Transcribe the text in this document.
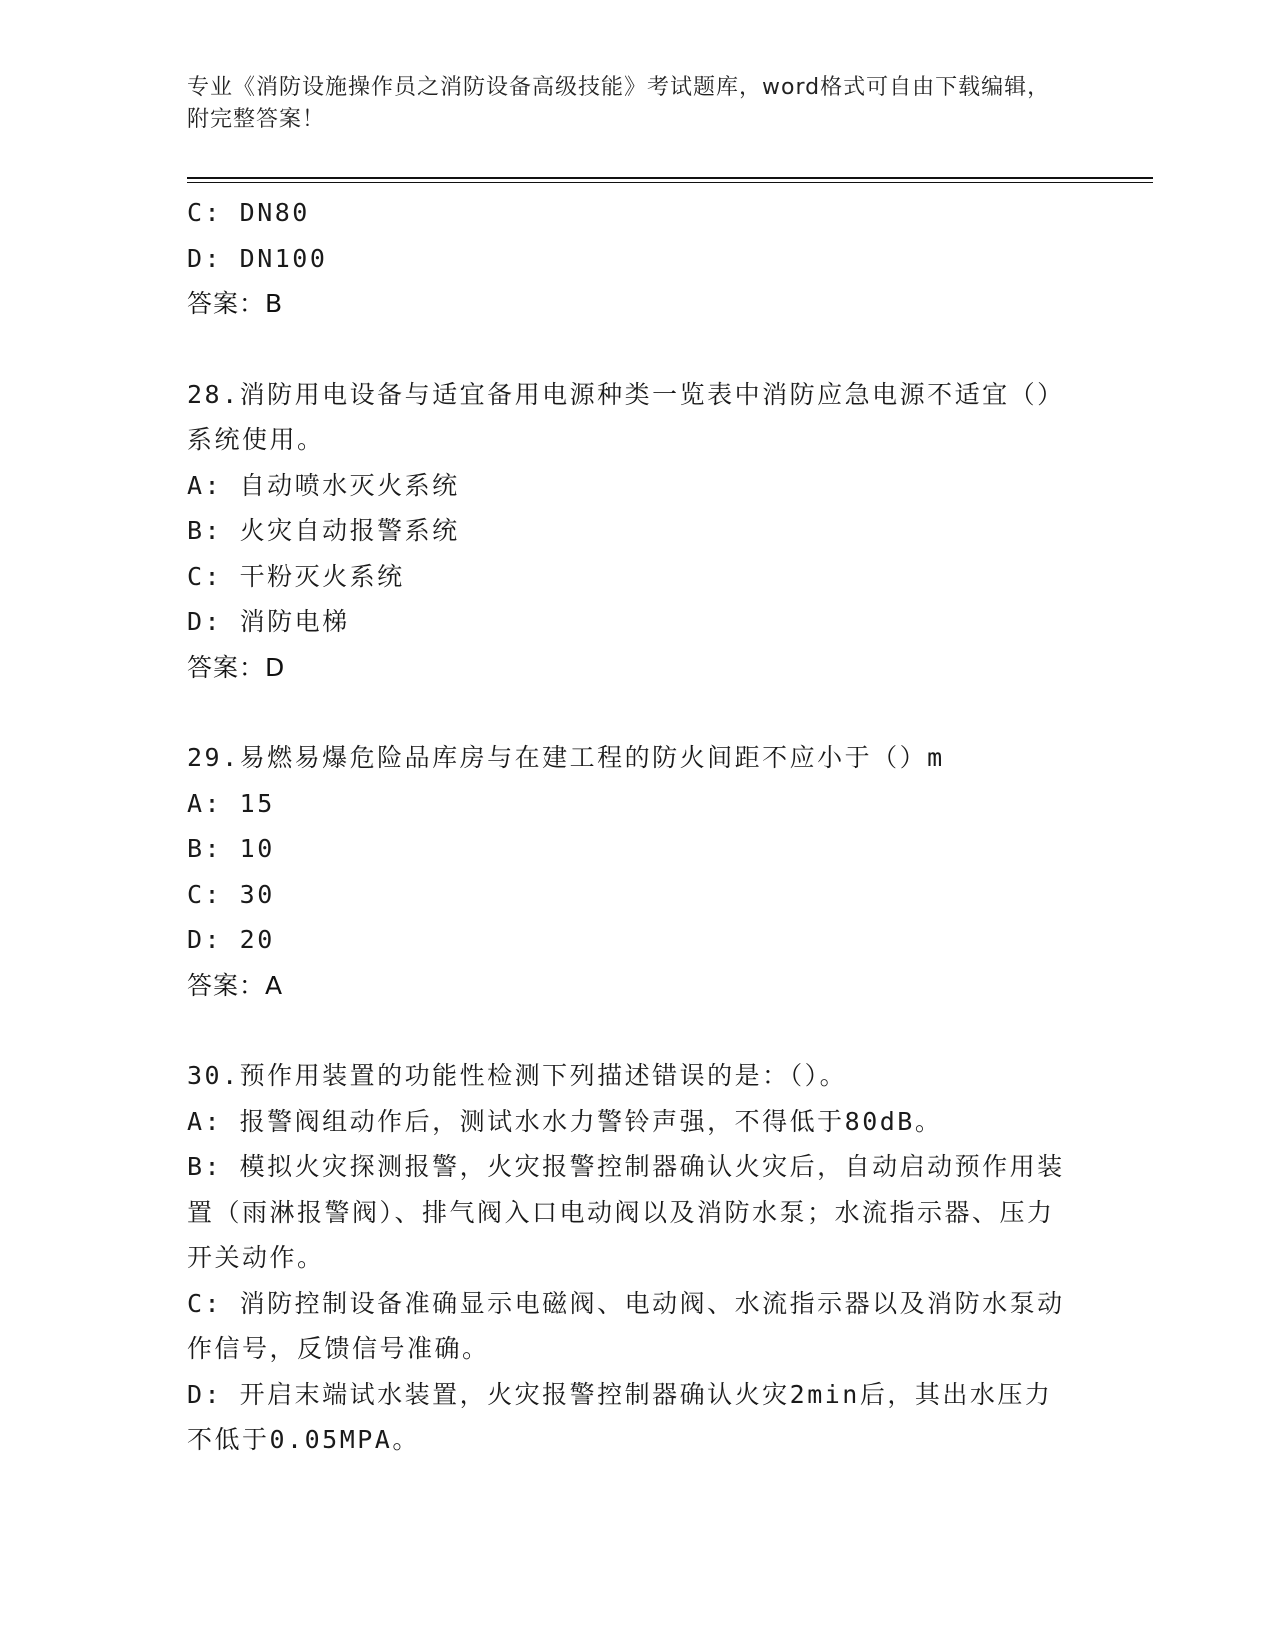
专业《消防设施操作员之消防设备高级技能》考试题库，word格式可自由下载编辑，附完整答案！
C: DN80
D: DN100
答案：B
28.消防用电设备与适宜备用电源种类一览表中消防应急电源不适宜（）系统使用。
A: 自动喷水灭火系统
B: 火灾自动报警系统
C: 干粉灭火系统
D: 消防电梯
答案：D
29.易燃易爆危险品库房与在建工程的防火间距不应小于（）m
A: 15
B: 10
C: 30
D: 20
答案：A
30.预作用装置的功能性检测下列描述错误的是：（）。
A: 报警阀组动作后，测试水水力警铃声强，不得低于80dB。
B: 模拟火灾探测报警，火灾报警控制器确认火灾后，自动启动预作用装置（雨淋报警阀）、排气阀入口电动阀以及消防水泵；水流指示器、压力开关动作。
C: 消防控制设备准确显示电磁阀、电动阀、水流指示器以及消防水泵动作信号，反馈信号准确。
D: 开启末端试水装置，火灾报警控制器确认火灾2min后，其出水压力不低于0.05MPA。
